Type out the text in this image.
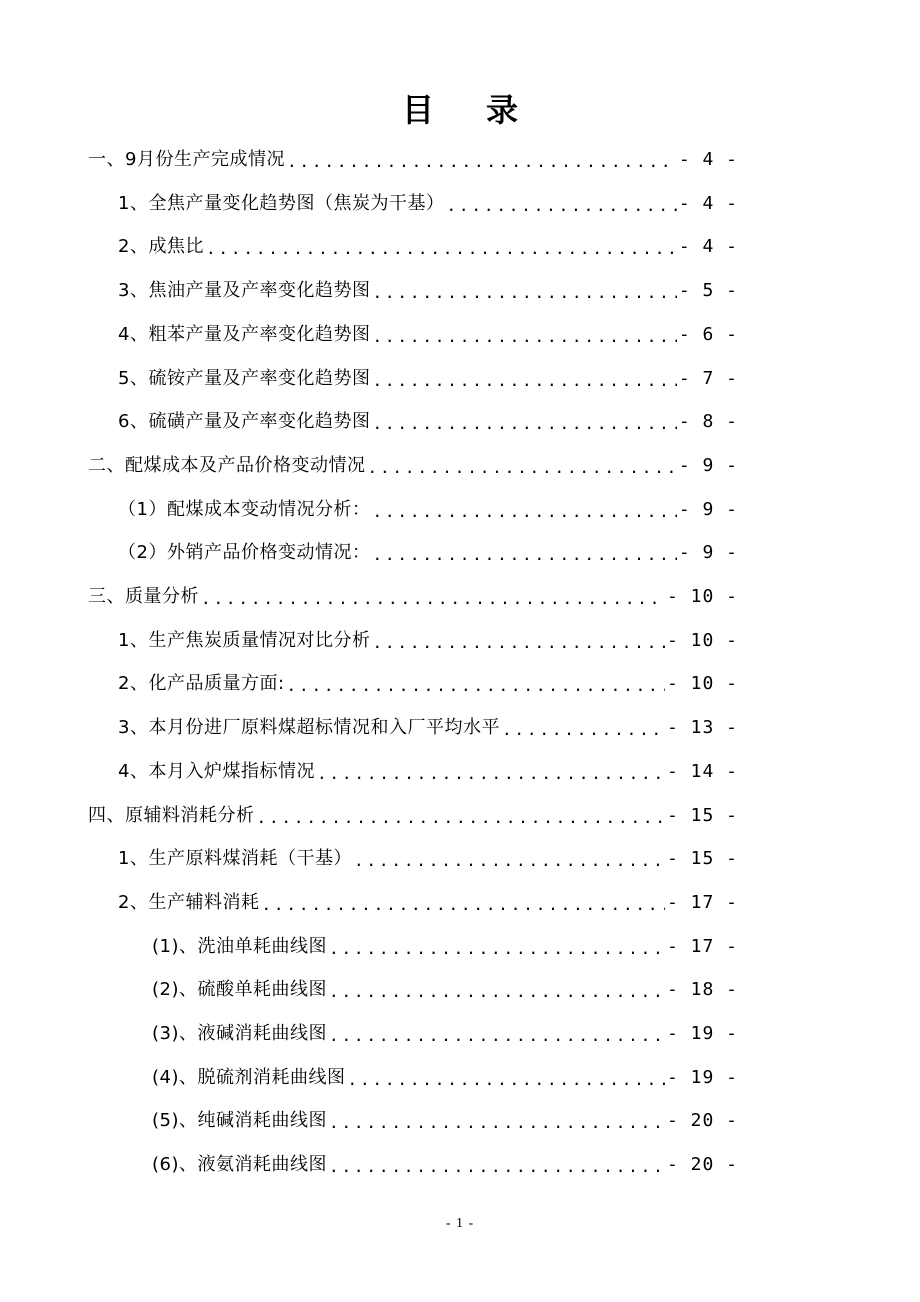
目录
一、9月份生产完成情况 . . .	- 4 -
1、全焦产量变化趋势图（焦炭为干基） . . .	- 4 -
2、成焦比 . . .	- 4 -
3、焦油产量及产率变化趋势图 . . .	- 5 -
4、粗苯产量及产率变化趋势图 . . .	- 6 -
5、硫铵产量及产率变化趋势图 . . .	- 7 -
6、硫磺产量及产率变化趋势图 . . .	- 8 -
二、配煤成本及产品价格变动情况 . . .	- 9 -
（1）配煤成本变动情况分析： . . .	- 9 -
（2）外销产品价格变动情况： . . .	- 9 -
三、质量分析 . . .	- 10 -
1、生产焦炭质量情况对比分析 . . .	- 10 -
2、化产品质量方面: . . .	- 10 -
3、本月份进厂原料煤超标情况和入厂平均水平 . . .	- 13 -
4、本月入炉煤指标情况 . . .	- 14 -
四、原辅料消耗分析 . . .	- 15 -
1、生产原料煤消耗（干基） . . .	- 15 -
2、生产辅料消耗 . . .	- 17 -
(1)、洗油单耗曲线图 . . .	- 17 -
(2)、硫酸单耗曲线图 . . .	- 18 -
(3)、液碱消耗曲线图 . . .	- 19 -
(4)、脱硫剂消耗曲线图 . . .	- 19 -
(5)、纯碱消耗曲线图 . . .	- 20 -
(6)、液氨消耗曲线图 . . .	- 20 -
- 1 -
